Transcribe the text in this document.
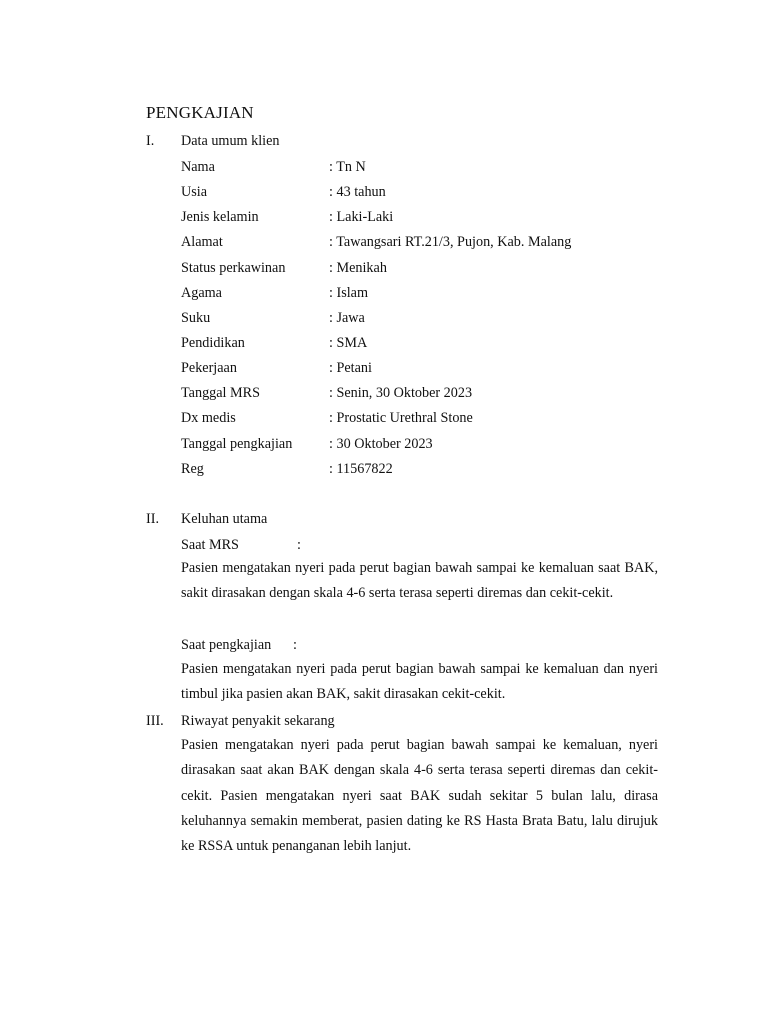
PENGKAJIAN
I. Data umum klien
Nama	: Tn N
Usia	: 43 tahun
Jenis kelamin	: Laki-Laki
Alamat	: Tawangsari RT.21/3, Pujon, Kab. Malang
Status perkawinan	: Menikah
Agama	: Islam
Suku	: Jawa
Pendidikan	: SMA
Pekerjaan	: Petani
Tanggal MRS	: Senin, 30 Oktober 2023
Dx medis	: Prostatic Urethral Stone
Tanggal pengkajian	: 30 Oktober 2023
Reg	: 11567822
II. Keluhan utama
Saat MRS	:

Pasien mengatakan nyeri pada perut bagian bawah sampai ke kemaluan saat BAK, sakit dirasakan dengan skala 4-6 serta terasa seperti diremas dan cekit-cekit.

Saat pengkajian :

Pasien mengatakan nyeri pada perut bagian bawah sampai ke kemaluan dan nyeri timbul jika pasien akan BAK, sakit dirasakan cekit-cekit.

III. Riwayat penyakit sekarang

Pasien mengatakan nyeri pada perut bagian bawah sampai ke kemaluan, nyeri dirasakan saat akan BAK dengan skala 4-6 serta terasa seperti diremas dan cekit-cekit. Pasien mengatakan nyeri saat BAK sudah sekitar 5 bulan lalu, dirasa keluhannya semakin memberat, pasien dating ke RS Hasta Brata Batu, lalu dirujuk ke RSSA untuk penanganan lebih lanjut.
